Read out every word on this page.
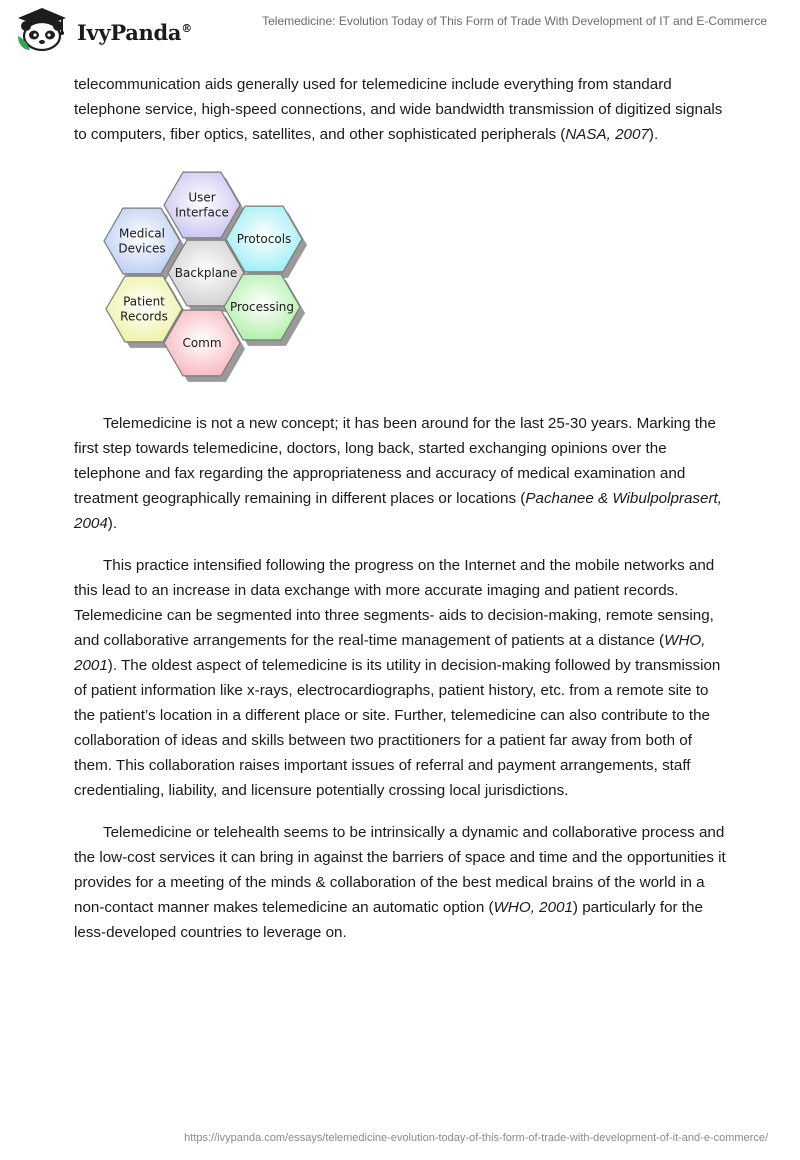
IvyPanda®
Telemedicine: Evolution Today of This Form of Trade With Development of IT and E-Commerce

telecommunication aids generally used for telemedicine include everything from standard telephone service, high-speed connections, and wide bandwidth transmission of digitized signals to computers, fiber optics, satellites, and other sophisticated peripherals (NASA, 2007).

User
Interface
Medical
Devices
Protocols
Backplane
Patient
Records
Processing
Comm

Telemedicine is not a new concept; it has been around for the last 25-30 years. Marking the first step towards telemedicine, doctors, long back, started exchanging opinions over the telephone and fax regarding the appropriateness and accuracy of medical examination and treatment geographically remaining in different places or locations (Pachanee & Wibulpolprasert, 2004).

This practice intensified following the progress on the Internet and the mobile networks and this lead to an increase in data exchange with more accurate imaging and patient records. Telemedicine can be segmented into three segments- aids to decision-making, remote sensing, and collaborative arrangements for the real-time management of patients at a distance (WHO, 2001). The oldest aspect of telemedicine is its utility in decision-making followed by transmission of patient information like x-rays, electrocardiographs, patient history, etc. from a remote site to the patient’s location in a different place or site. Further, telemedicine can also contribute to the collaboration of ideas and skills between two practitioners for a patient far away from both of them. This collaboration raises important issues of referral and payment arrangements, staff credentialing, liability, and licensure potentially crossing local jurisdictions.

Telemedicine or telehealth seems to be intrinsically a dynamic and collaborative process and the low-cost services it can bring in against the barriers of space and time and the opportunities it provides for a meeting of the minds & collaboration of the best medical brains of the world in a non-contact manner makes telemedicine an automatic option (WHO, 2001) particularly for the less-developed countries to leverage on.

https://ivypanda.com/essays/telemedicine-evolution-today-of-this-form-of-trade-with-development-of-it-and-e-commerce/
